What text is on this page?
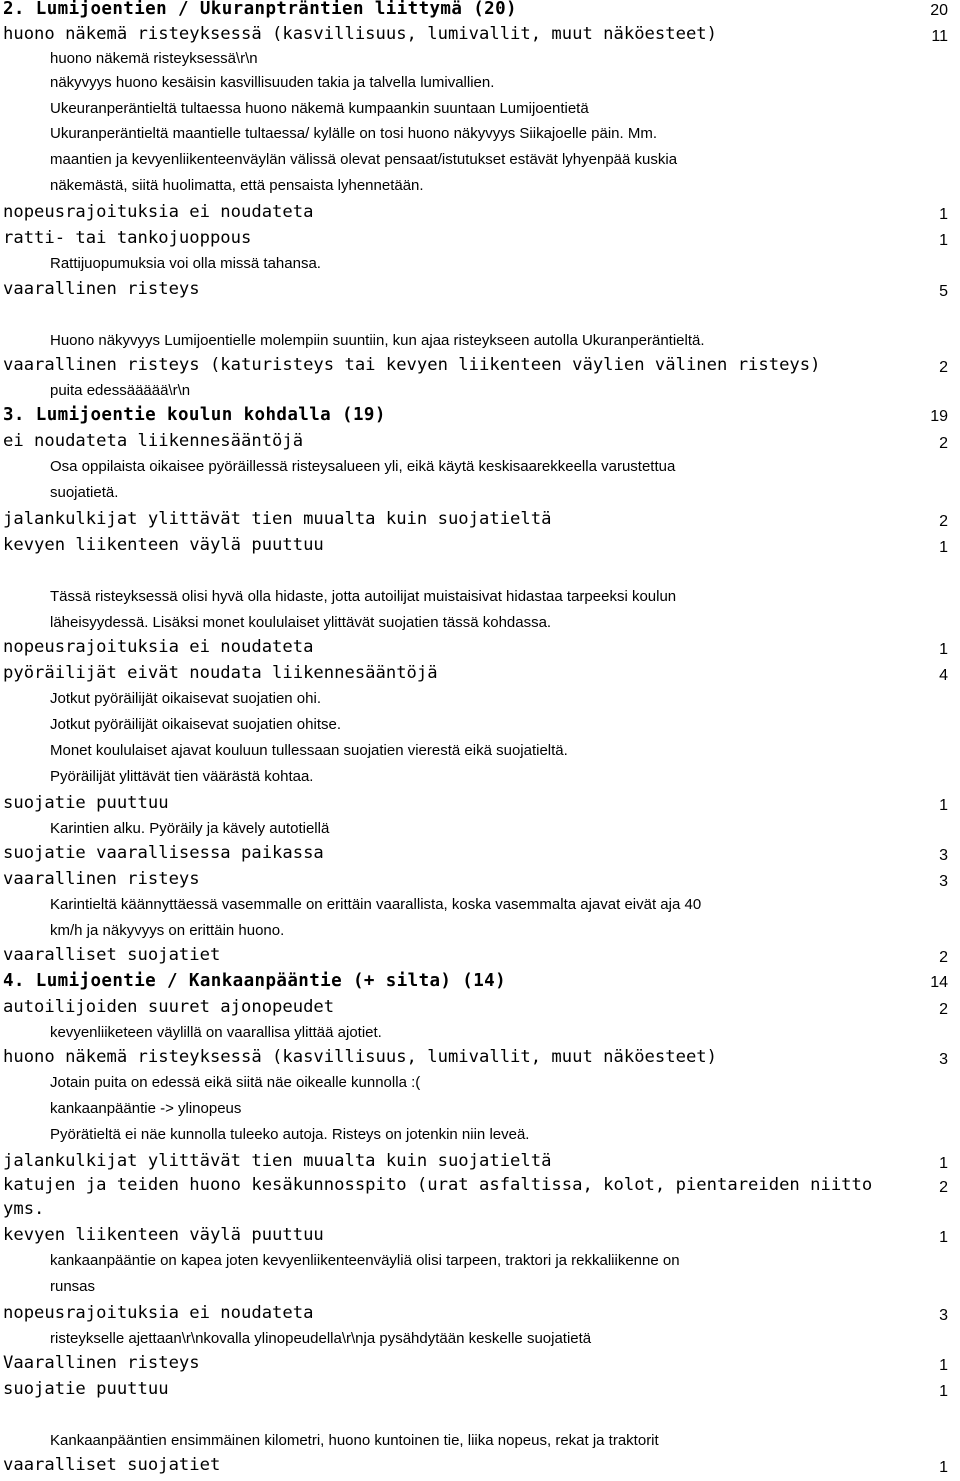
2. Lumijoentien / Ukuranpträntien liittymä (20)	20
huono näkemä risteyksessä (kasvillisuus, lumivallit, muut näköesteet)	11
huono näkemä risteyksessä\r\n
näkyvyys huono kesäisin kasvillisuuden takia ja talvella lumivallien.
Ukeuranperäntieltä tultaessa huono näkemä kumpaankin suuntaan Lumijoentietä
Ukuranperäntieltä maantielle tultaessa/ kylälle on tosi huono näkyvyys Siikajoelle päin. Mm.
maantien ja kevyenliikenteenväylän välissä olevat pensaat/istutukset estävät lyhyenpää kuskia
näkemästä, siitä huolimatta, että pensaista lyhennetään.
nopeusrajoituksia ei noudateta	1
ratti- tai tankojuoppous	1
Rattijuopumuksia voi olla missä tahansa.
vaarallinen risteys	5
Huono näkyvyys Lumijoentielle molempiin suuntiin, kun ajaa risteykseen autolla Ukuranperäntieltä.
vaarallinen risteys (katuristeys tai kevyen liikenteen väylien välinen risteys)	2
puita edessäääää\r\n
3. Lumijoentie koulun kohdalla (19)	19
ei noudateta liikennesääntöjä	2
Osa oppilaista oikaisee pyöräillessä risteysalueen yli, eikä käytä keskisaarekkeella varustettua
suojatietä.
jalankulkijat ylittävät tien muualta kuin suojatieltä	2
kevyen liikenteen väylä puuttuu	1
Tässä risteyksessä olisi hyvä olla hidaste, jotta autoilijat muistaisivat hidastaa tarpeeksi koulun
läheisyydessä. Lisäksi monet koululaiset ylittävät suojatien tässä kohdassa.
nopeusrajoituksia ei noudateta	1
pyöräilijät eivät noudata liikennesääntöjä	4
Jotkut pyöräilijät oikaisevat suojatien ohi.
Jotkut pyöräilijät oikaisevat suojatien ohitse.
Monet koululaiset ajavat kouluun tullessaan suojatien vierestä eikä suojatieltä.
Pyöräilijät ylittävät tien väärästä kohtaa.
suojatie puuttuu	1
Karintien alku. Pyöräily ja kävely autotiellä
suojatie vaarallisessa paikassa	3
vaarallinen risteys	3
Karintieltä käännyttäessä vasemmalle on erittäin vaarallista, koska vasemmalta ajavat eivät aja 40
km/h ja näkyvyys on erittäin huono.
vaaralliset suojatiet	2
4. Lumijoentie / Kankaanpääntie (+ silta) (14)	14
autoilijoiden suuret ajonopeudet	2
kevyenliiketeen väylillä on vaarallisa ylittää ajotiet.
huono näkemä risteyksessä (kasvillisuus, lumivallit, muut näköesteet)	3
Jotain puita on edessä eikä siitä näe oikealle kunnolla :(
kankaanpääntie -> ylinopeus
Pyörätieltä ei näe kunnolla tuleeko autoja. Risteys on jotenkin niin leveä.
jalankulkijat ylittävät tien muualta kuin suojatieltä	1
katujen ja teiden huono kesäkunnosspito (urat asfaltissa, kolot, pientareiden niitto	2
yms.
kevyen liikenteen väylä puuttuu	1
kankaanpääntie on kapea joten kevyenliikenteenväyliä olisi tarpeen, traktori ja rekkaliikenne on
runsas
nopeusrajoituksia ei noudateta	3
risteykselle ajettaan\r\nkovalla ylinopeudella\r\nja pysähdytään keskelle suojatietä
Vaarallinen risteys	1
suojatie puuttuu	1
Kankaanpääntien ensimmäinen kilometri, huono kuntoinen tie, liika nopeus, rekat ja traktorit
vaaralliset suojatiet	1
